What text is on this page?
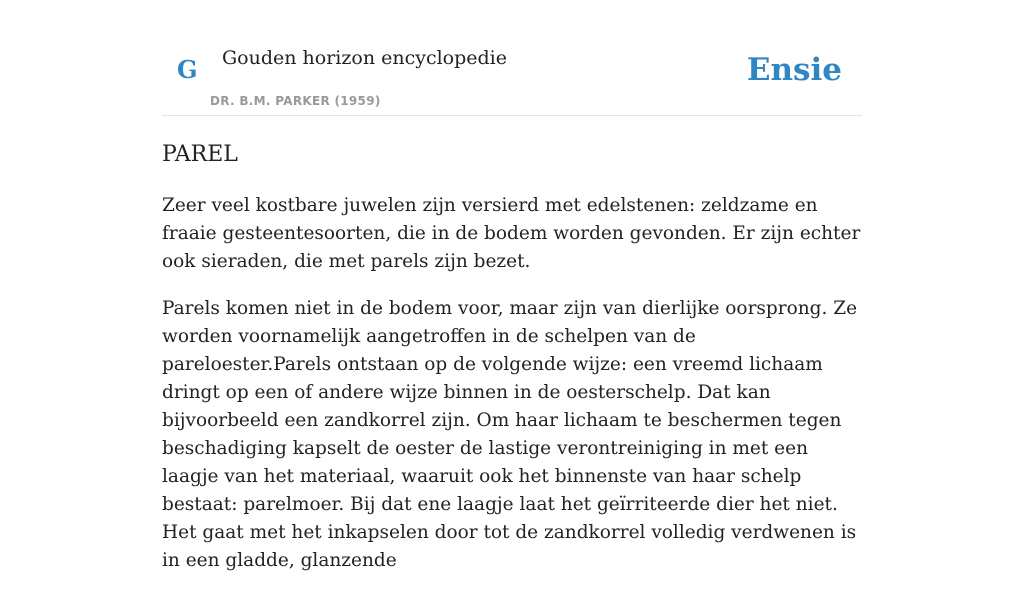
G Gouden horizon encyclopedie
DR. B.M. PARKER (1959)
Ensie
PAREL

Zeer veel kostbare juwelen zijn versierd met edelstenen: zeldzame en fraaie gesteentesoorten, die in de bodem worden gevonden. Er zijn echter ook sieraden, die met parels zijn bezet.

Parels komen niet in de bodem voor, maar zijn van dierlijke oorsprong. Ze worden voornamelijk aangetroffen in de schelpen van de pareloester.Parels ontstaan op de volgende wijze: een vreemd lichaam dringt op een of andere wijze binnen in de oesterschelp. Dat kan bijvoorbeeld een zandkorrel zijn. Om haar lichaam te beschermen tegen beschadiging kapselt de oester de lastige verontreiniging in met een laagje van het materiaal, waaruit ook het binnenste van haar schelp bestaat: parelmoer. Bij dat ene laagje laat het geïrriteerde dier het niet. Het gaat met het inkapselen door tot de zandkorrel volledig verdwenen is in een gladde, glanzende
